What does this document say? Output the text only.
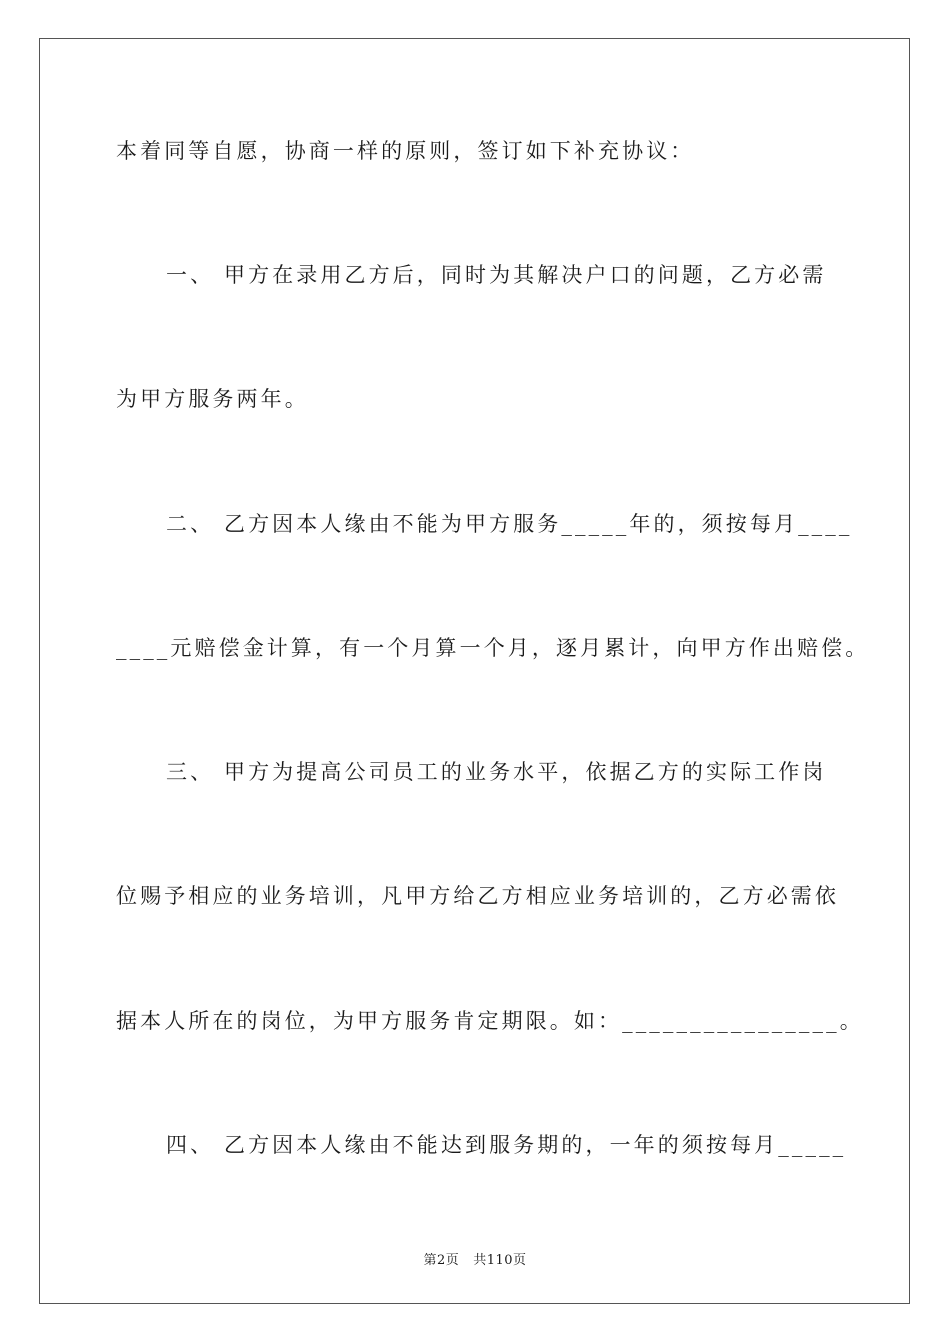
本着同等自愿，协商一样的原则，签订如下补充协议：
一、 甲方在录用乙方后，同时为其解决户口的问题，乙方必需
为甲方服务两年。
二、 乙方因本人缘由不能为甲方服务_____年的，须按每月____
____元赔偿金计算，有一个月算一个月，逐月累计，向甲方作出赔偿。
三、 甲方为提高公司员工的业务水平，依据乙方的实际工作岗
位赐予相应的业务培训，凡甲方给乙方相应业务培训的，乙方必需依
据本人所在的岗位，为甲方服务肯定期限。如：________________。
四、 乙方因本人缘由不能达到服务期的，一年的须按每月_____
第2页 共110页
